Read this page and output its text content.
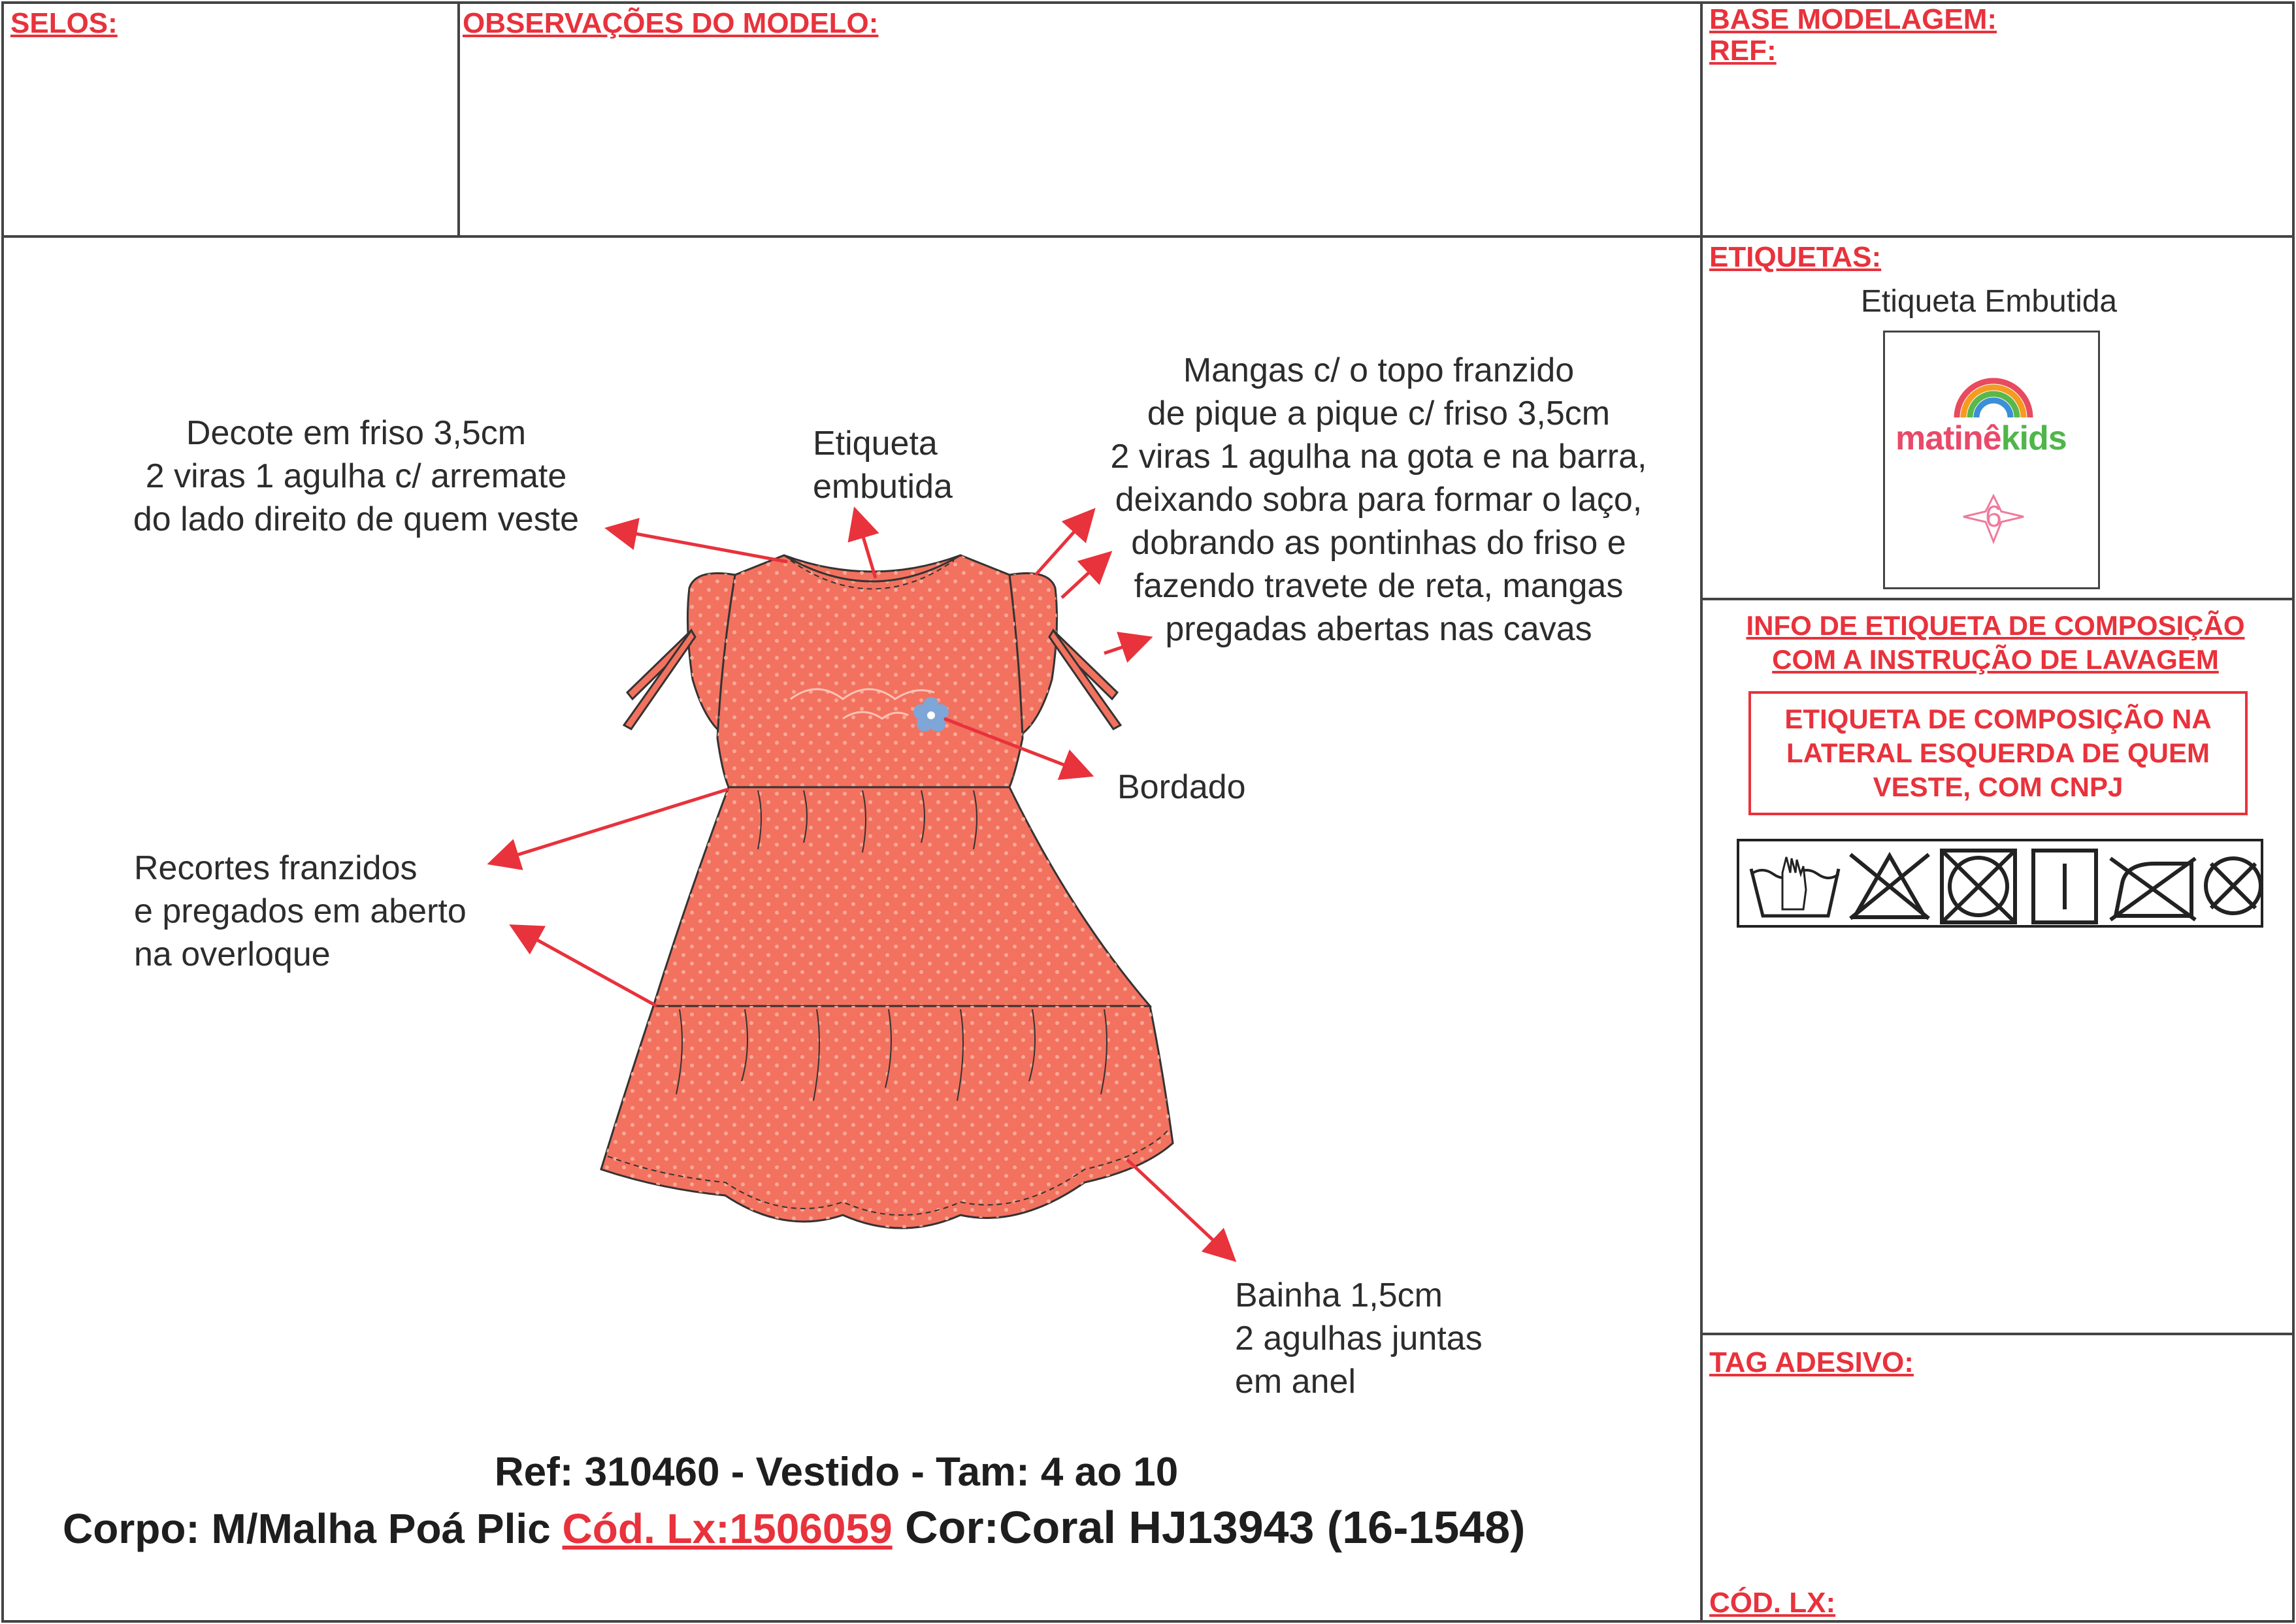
SELOS:	OBSERVAÇÕES DO MODELO:	BASE MODELAGEM:
REF:
ETIQUETAS:
Etiqueta Embutida
matinêkids
6
INFO DE ETIQUETA DE COMPOSIÇÃO
COM A INSTRUÇÃO DE LAVAGEM
ETIQUETA DE COMPOSIÇÃO NA
LATERAL ESQUERDA DE QUEM
VESTE, COM CNPJ
TAG ADESIVO:
CÓD. LX:
Decote em friso 3,5cm
2 viras 1 agulha c/ arremate
do lado direito de quem veste
Etiqueta
embutida
Mangas c/ o topo franzido
de pique a pique c/ friso 3,5cm
2 viras 1 agulha na gota e na barra,
deixando sobra para formar o laço,
dobrando as pontinhas do friso e
fazendo travete de reta, mangas
pregadas abertas nas cavas
Bordado
Recortes franzidos
e pregados em aberto
na overloque
Bainha 1,5cm
2 agulhas juntas
em anel
Ref: 310460 - Vestido - Tam: 4 ao 10
Corpo: M/Malha Poá Plic Cód. Lx:1506059 Cor:Coral HJ13943 (16-1548)
